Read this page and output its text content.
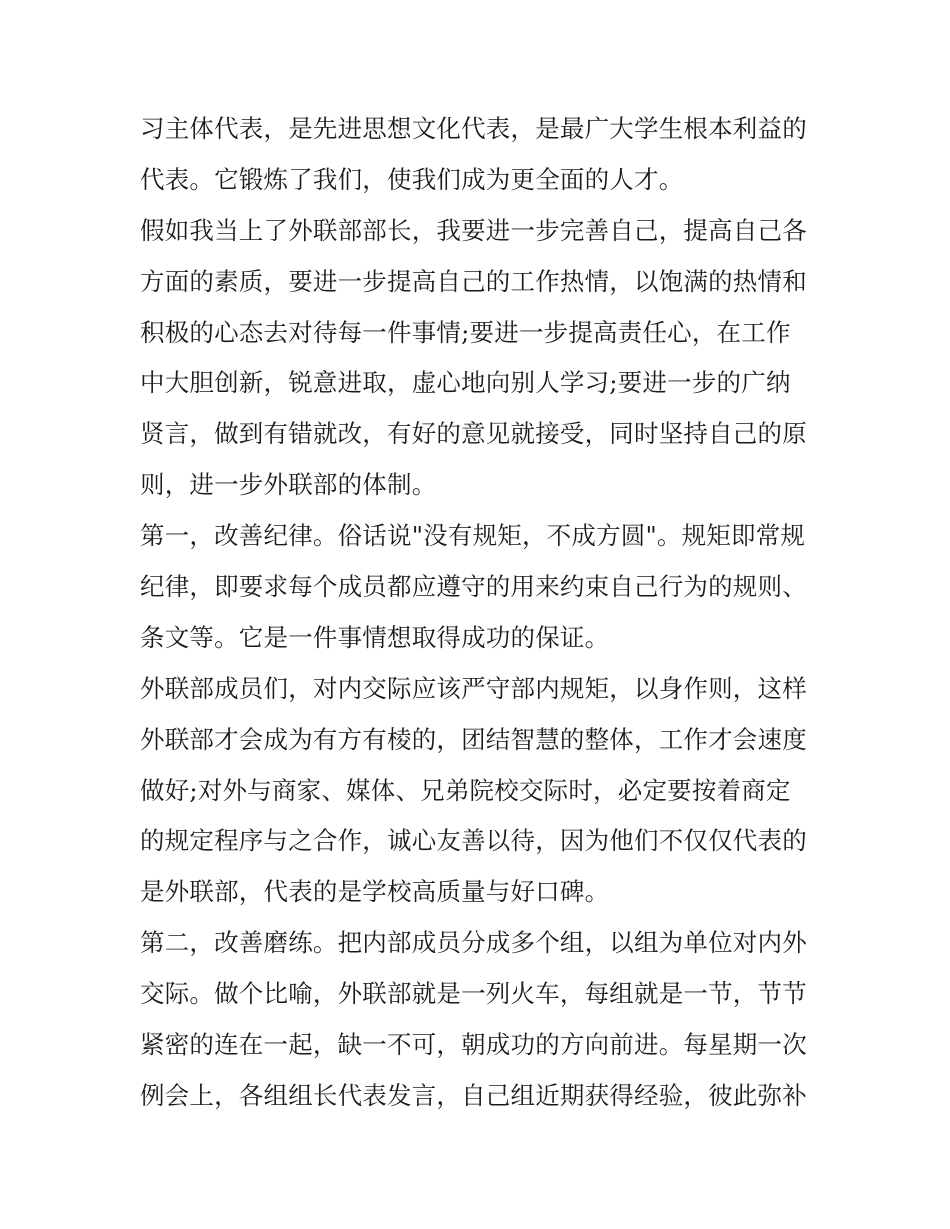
习主体代表，是先进思想文化代表，是最广大学生根本利益的
代表。它锻炼了我们，使我们成为更全面的人才。
假如我当上了外联部部长，我要进一步完善自己，提高自己各
方面的素质，要进一步提高自己的工作热情，以饱满的热情和
积极的心态去对待每一件事情;要进一步提高责任心，在工作
中大胆创新，锐意进取，虚心地向别人学习;要进一步的广纳
贤言，做到有错就改，有好的意见就接受，同时坚持自己的原
则，进一步外联部的体制。
第一，改善纪律。俗话说"没有规矩，不成方圆"。规矩即常规
纪律，即要求每个成员都应遵守的用来约束自己行为的规则、
条文等。它是一件事情想取得成功的保证。
外联部成员们，对内交际应该严守部内规矩，以身作则，这样
外联部才会成为有方有棱的，团结智慧的整体，工作才会速度
做好;对外与商家、媒体、兄弟院校交际时，必定要按着商定
的规定程序与之合作，诚心友善以待，因为他们不仅仅代表的
是外联部，代表的是学校高质量与好口碑。
第二，改善磨练。把内部成员分成多个组，以组为单位对内外
交际。做个比喻，外联部就是一列火车，每组就是一节，节节
紧密的连在一起，缺一不可，朝成功的方向前进。每星期一次
例会上，各组组长代表发言，自己组近期获得经验，彼此弥补
